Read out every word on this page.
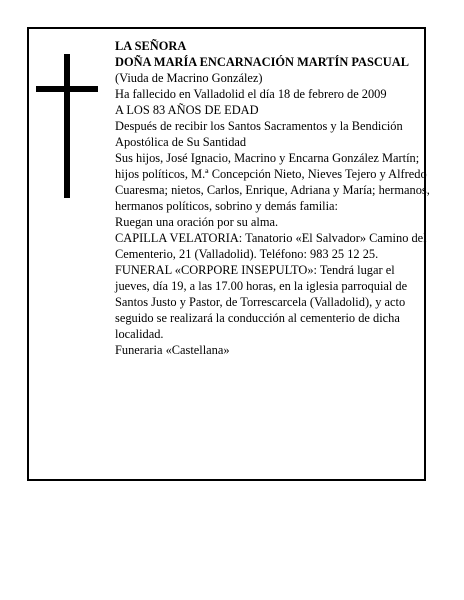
LA SEÑORA

DOÑA MARÍA ENCARNACIÓN MARTÍN PASCUAL

(Viuda de Macrino González)

Ha fallecido en Valladolid el día 18 de febrero de 2009

A LOS 83 AÑOS DE EDAD

Después de recibir los Santos Sacramentos y la Bendición Apostólica de Su Santidad

Sus hijos, José Ignacio, Macrino y Encarna González Martín; hijos políticos, M.ª Concepción Nieto, Nieves Tejero y Alfredo Cuaresma; nietos, Carlos, Enrique, Adriana y María; hermanos, hermanos políticos, sobrino y demás familia:

Ruegan una oración por su alma.

CAPILLA VELATORIA: Tanatorio «El Salvador» Camino del Cementerio, 21 (Valladolid). Teléfono: 983 25 12 25.

FUNERAL «CORPORE INSEPULTO»: Tendrá lugar el jueves, día 19, a las 17.00 horas, en la iglesia parroquial de Santos Justo y Pastor, de Torrescarcela (Valladolid), y acto seguido se realizará la conducción al cementerio de dicha localidad.

Funeraria «Castellana»
